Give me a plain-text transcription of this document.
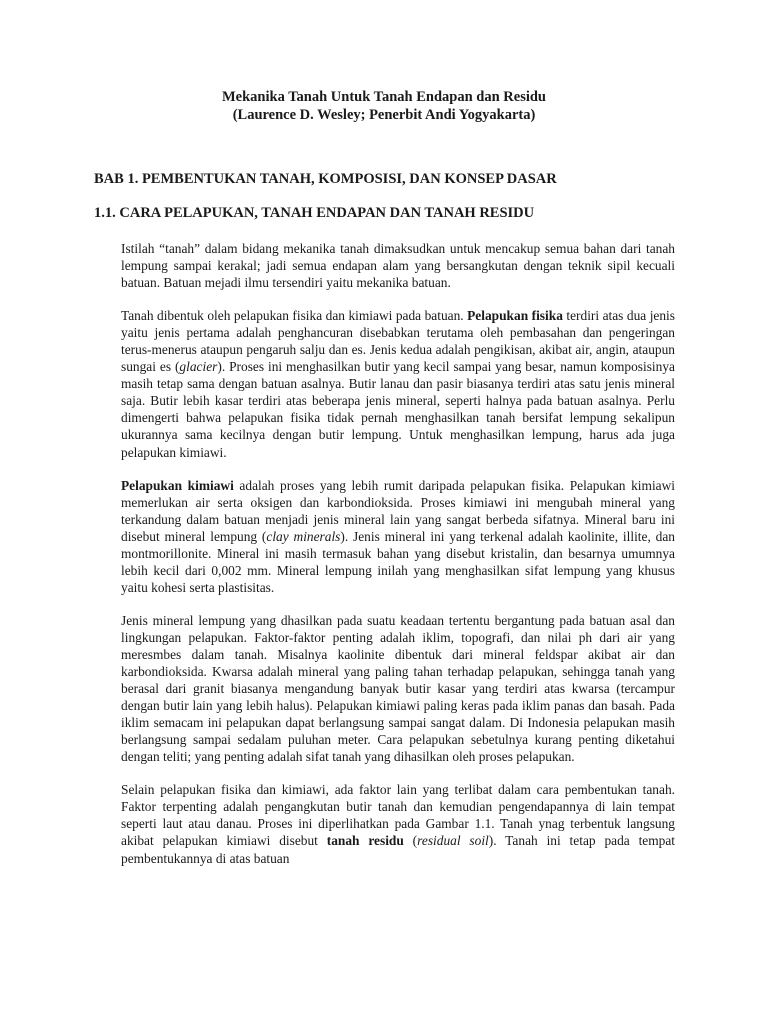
Mekanika Tanah Untuk Tanah Endapan dan Residu
(Laurence D. Wesley; Penerbit Andi Yogyakarta)
BAB 1. PEMBENTUKAN TANAH, KOMPOSISI, DAN KONSEP DASAR
1.1. CARA PELAPUKAN, TANAH ENDAPAN DAN TANAH RESIDU

Istilah “tanah” dalam bidang mekanika tanah dimaksudkan untuk mencakup semua bahan dari tanah lempung sampai kerakal; jadi semua endapan alam yang bersangkutan dengan teknik sipil kecuali batuan. Batuan mejadi ilmu tersendiri yaitu mekanika batuan.

Tanah dibentuk oleh pelapukan fisika dan kimiawi pada batuan. Pelapukan fisika terdiri atas dua jenis yaitu jenis pertama adalah penghancuran disebabkan terutama oleh pembasahan dan pengeringan terus-menerus ataupun pengaruh salju dan es. Jenis kedua adalah pengikisan, akibat air, angin, ataupun sungai es (glacier). Proses ini menghasilkan butir yang kecil sampai yang besar, namun komposisinya masih tetap sama dengan batuan asalnya. Butir lanau dan pasir biasanya terdiri atas satu jenis mineral saja. Butir lebih kasar terdiri atas beberapa jenis mineral, seperti halnya pada batuan asalnya. Perlu dimengerti bahwa pelapukan fisika tidak pernah menghasilkan tanah bersifat lempung sekalipun ukurannya sama kecilnya dengan butir lempung. Untuk menghasilkan lempung, harus ada juga pelapukan kimiawi.

Pelapukan kimiawi adalah proses yang lebih rumit daripada pelapukan fisika. Pelapukan kimiawi memerlukan air serta oksigen dan karbondioksida. Proses kimiawi ini mengubah mineral yang terkandung dalam batuan menjadi jenis mineral lain yang sangat berbeda sifatnya. Mineral baru ini disebut mineral lempung (clay minerals). Jenis mineral ini yang terkenal adalah kaolinite, illite, dan montmorillonite. Mineral ini masih termasuk bahan yang disebut kristalin, dan besarnya umumnya lebih kecil dari 0,002 mm. Mineral lempung inilah yang menghasilkan sifat lempung yang khusus yaitu kohesi serta plastisitas.

Jenis mineral lempung yang dhasilkan pada suatu keadaan tertentu bergantung pada batuan asal dan lingkungan pelapukan. Faktor-faktor penting adalah iklim, topografi, dan nilai ph dari air yang meresmbes dalam tanah. Misalnya kaolinite dibentuk dari mineral feldspar akibat air dan karbondioksida. Kwarsa adalah mineral yang paling tahan terhadap pelapukan, sehingga tanah yang berasal dari granit biasanya mengandung banyak butir kasar yang terdiri atas kwarsa (tercampur dengan butir lain yang lebih halus). Pelapukan kimiawi paling keras pada iklim panas dan basah. Pada iklim semacam ini pelapukan dapat berlangsung sampai sangat dalam. Di Indonesia pelapukan masih berlangsung sampai sedalam puluhan meter. Cara pelapukan sebetulnya kurang penting diketahui dengan teliti; yang penting adalah sifat tanah yang dihasilkan oleh proses pelapukan.

Selain pelapukan fisika dan kimiawi, ada faktor lain yang terlibat dalam cara pembentukan tanah. Faktor terpenting adalah pengangkutan butir tanah dan kemudian pengendapannya di lain tempat seperti laut atau danau. Proses ini diperlihatkan pada Gambar 1.1. Tanah ynag terbentuk langsung akibat pelapukan kimiawi disebut tanah residu (residual soil). Tanah ini tetap pada tempat pembentukannya di atas batuan
